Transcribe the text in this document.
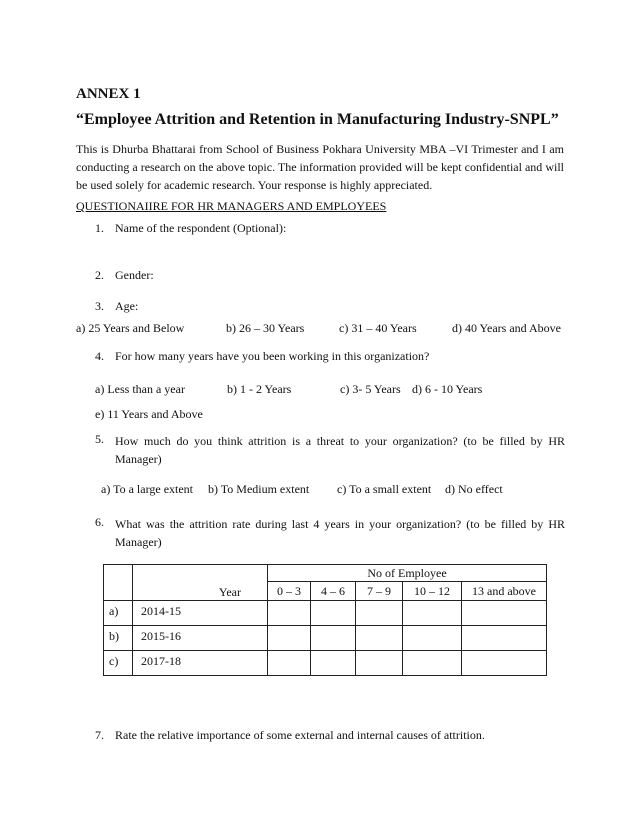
ANNEX 1
“Employee Attrition and Retention in Manufacturing Industry-SNPL”
This is Dhurba Bhattarai from School of Business Pokhara University MBA –VI Trimester and I am conducting a research on the above topic. The information provided will be kept confidential and will be used solely for academic research. Your response is highly appreciated.
QUESTIONAIIRE FOR HR MANAGERS AND EMPLOYEES
1. Name of the respondent (Optional):
2. Gender:
3. Age:
a) 25 Years and Below	b) 26 – 30 Years	c) 31 – 40 Years	d) 40 Years and Above
4. For how many years have you been working in this organization?
a) Less than a year	b) 1 - 2 Years	c) 3- 5 Years d) 6 - 10 Years
e) 11 Years and Above
5. How much do you think attrition is a threat to your organization? (to be filled by HR Manager)
a) To a large extent b) To Medium extent c) To a small extent d) No effect
6. What was the attrition rate during last 4 years in your organization? (to be filled by HR Manager)
	Year	No of Employee				
		0 – 3	4 – 6	7 – 9	10 – 12	13 and above
a)	2014-15					
b)	2015-16					
c)	2017-18					
7. Rate the relative importance of some external and internal causes of attrition.
